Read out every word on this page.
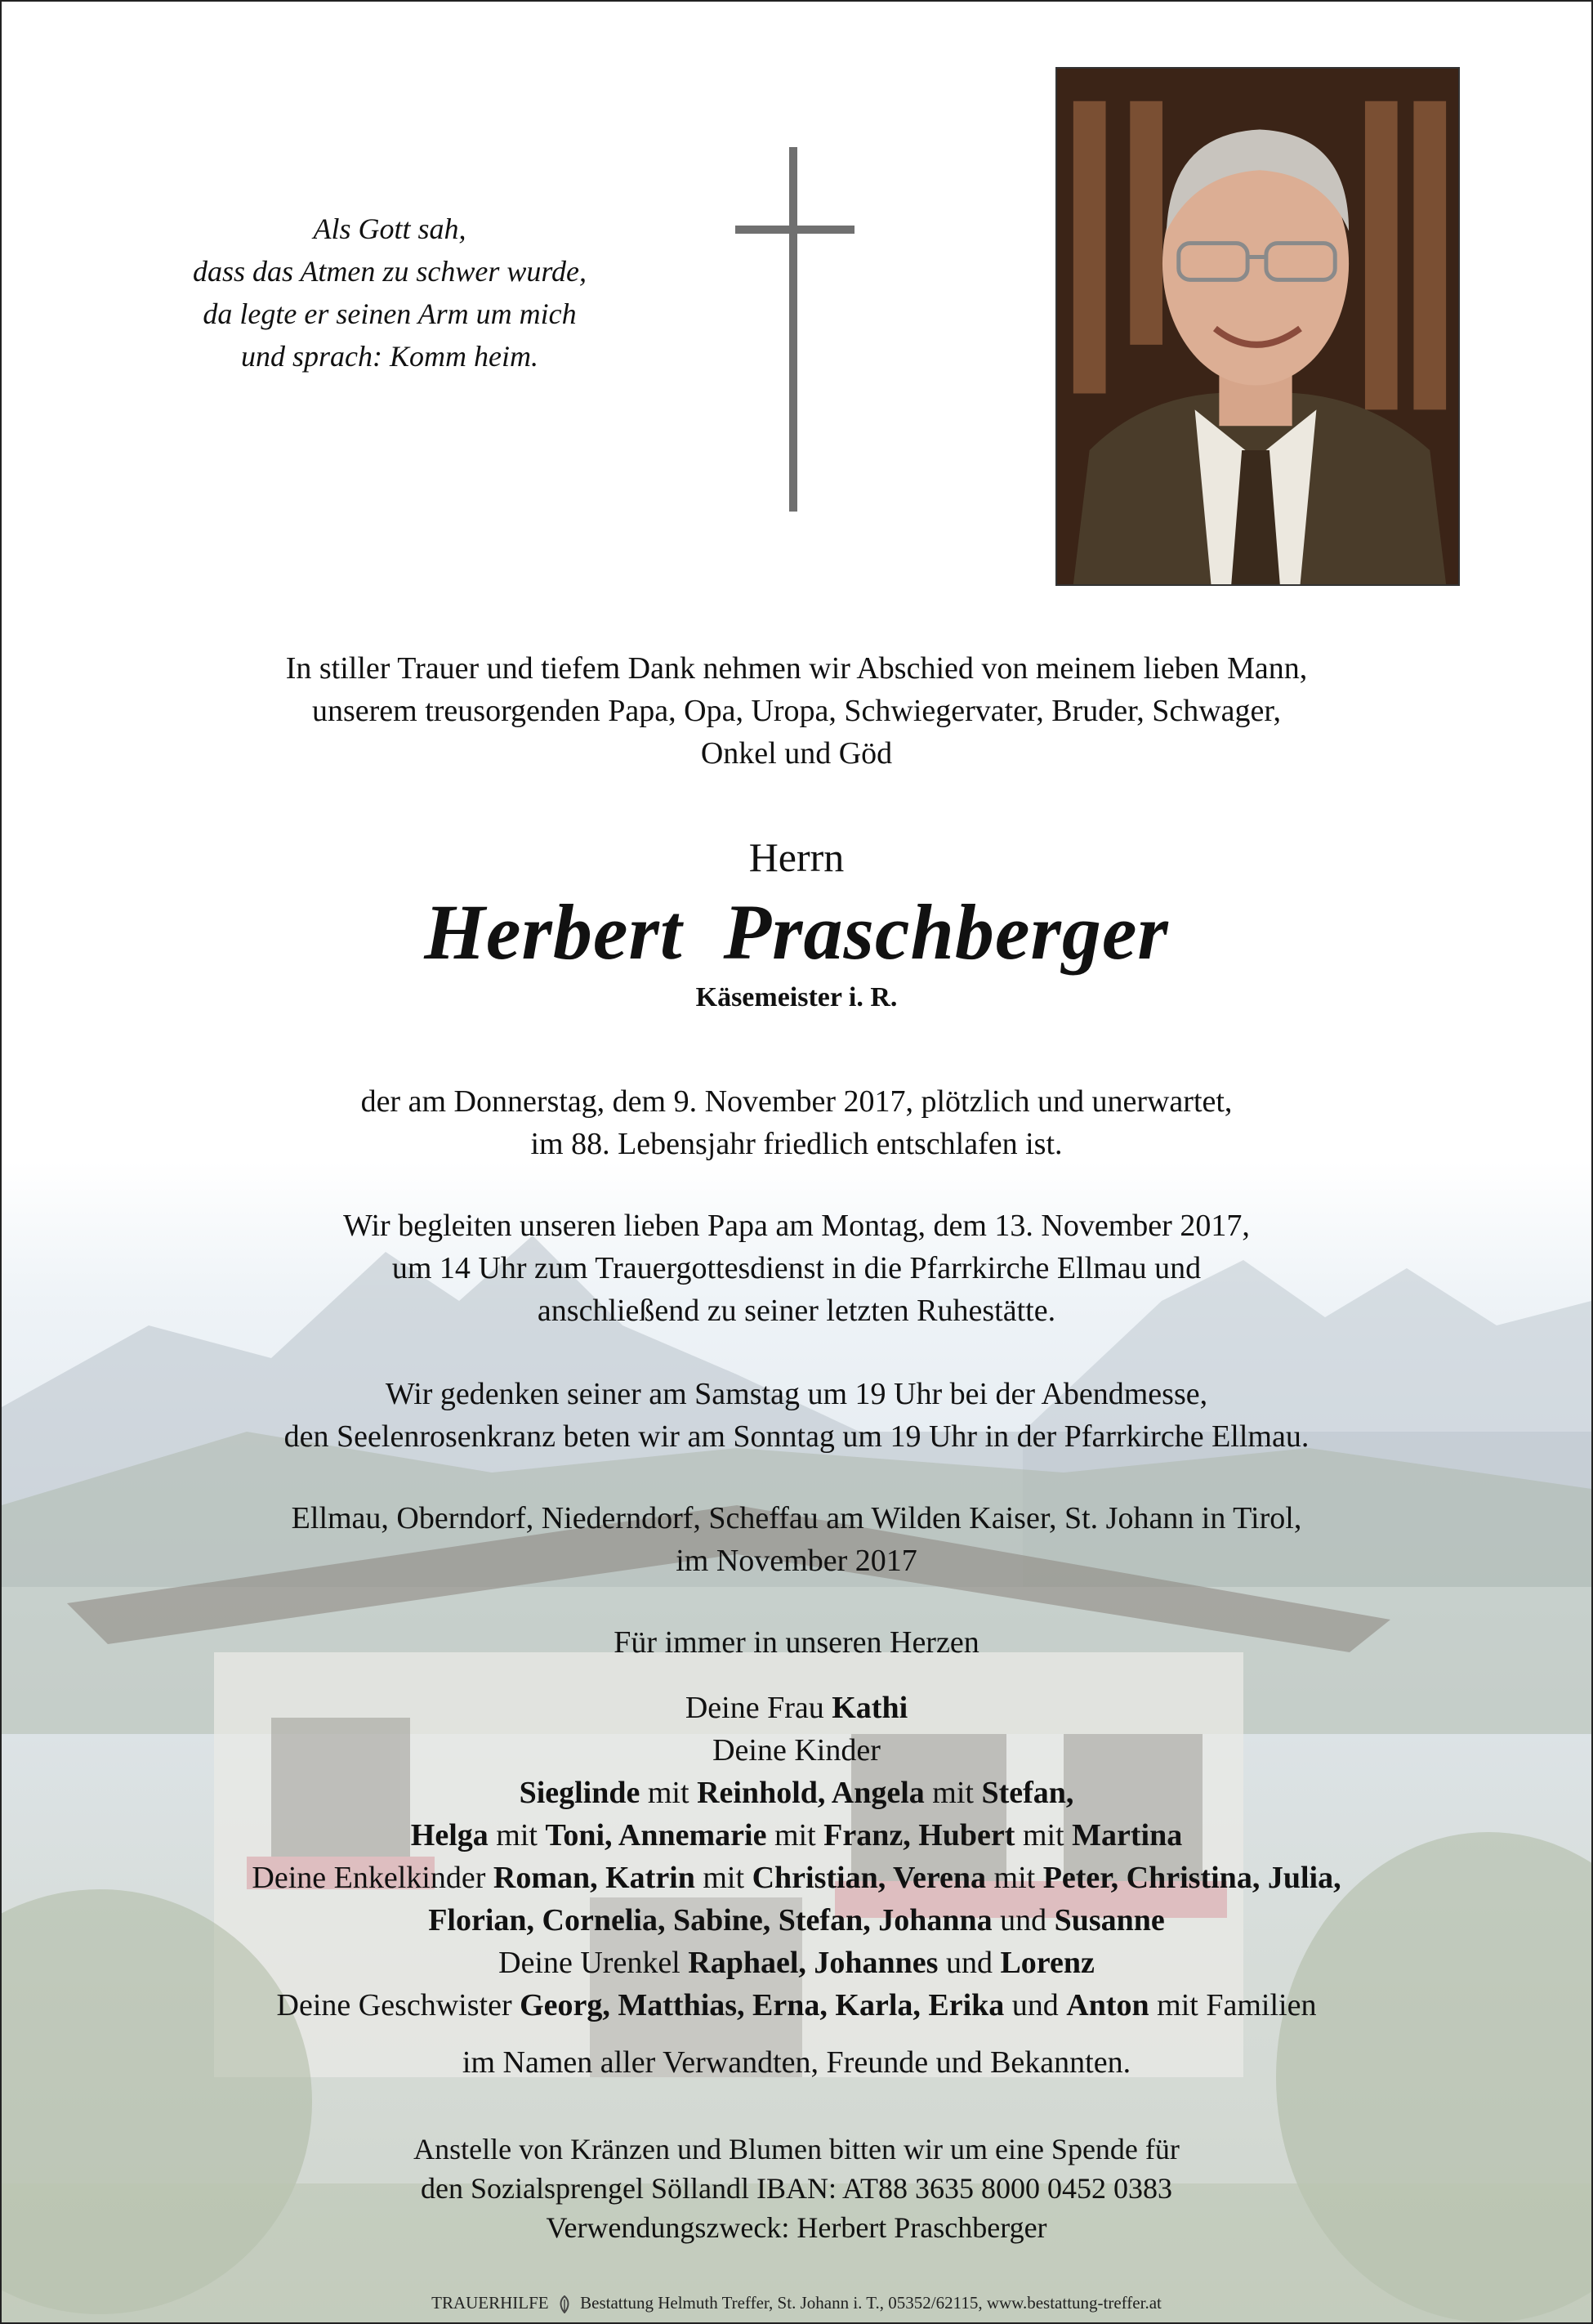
Als Gott sah,
dass das Atmen zu schwer wurde,
da legte er seinen Arm um mich
und sprach: Komm heim.
In stiller Trauer und tiefem Dank nehmen wir Abschied von meinem lieben Mann,
unserem treusorgenden Papa, Opa, Uropa, Schwiegervater, Bruder, Schwager,
Onkel und Göd
Herrn
Herbert  Praschberger
Käsemeister i. R.
der am Donnerstag, dem 9. November 2017, plötzlich und unerwartet,
im 88. Lebensjahr friedlich entschlafen ist.
Wir begleiten unseren lieben Papa am Montag, dem 13. November 2017,
um 14 Uhr zum Trauergottesdienst in die Pfarrkirche Ellmau und
anschließend zu seiner letzten Ruhestätte.
Wir gedenken seiner am Samstag um 19 Uhr bei der Abendmesse,
den Seelenrosenkranz beten wir am Sonntag um 19 Uhr in der Pfarrkirche Ellmau.
Ellmau, Oberndorf, Niederndorf, Scheffau am Wilden Kaiser, St. Johann in Tirol,
im November 2017
Für immer in unseren Herzen
Deine Frau Kathi
Deine Kinder
Sieglinde mit Reinhold, Angela mit Stefan,
Helga mit Toni, Annemarie mit Franz, Hubert mit Martina
Deine Enkelkinder Roman, Katrin mit Christian, Verena mit Peter, Christina, Julia,
Florian, Cornelia, Sabine, Stefan, Johanna und Susanne
Deine Urenkel Raphael, Johannes und Lorenz
Deine Geschwister Georg, Matthias, Erna, Karla, Erika und Anton mit Familien
im Namen aller Verwandten, Freunde und Bekannten.
Anstelle von Kränzen und Blumen bitten wir um eine Spende für
den Sozialsprengel Söllandl IBAN: AT88 3635 8000 0452 0383
Verwendungszweck: Herbert Praschberger
TRAUERHILFE Bestattung Helmuth Treffer, St. Johann i. T., 05352/62115, www.bestattung-treffer.at
